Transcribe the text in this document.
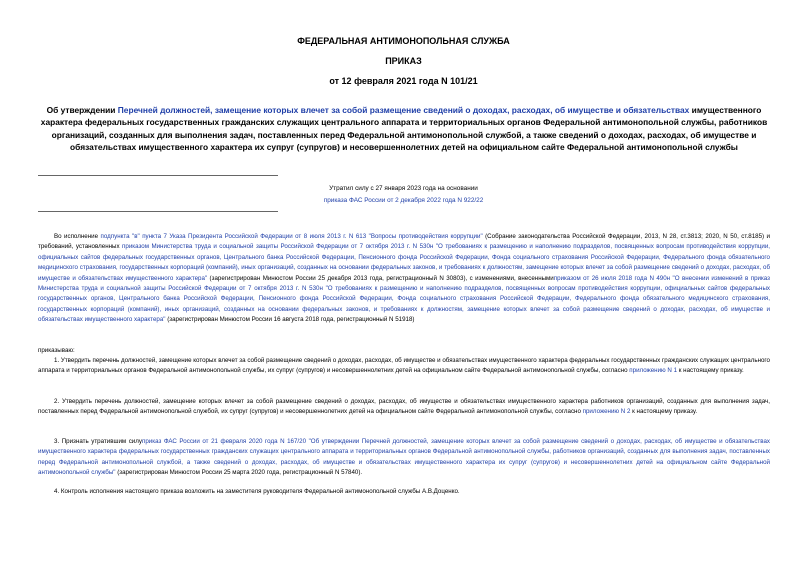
ФЕДЕРАЛЬНАЯ АНТИМОНОПОЛЬНАЯ СЛУЖБА
ПРИКАЗ
от 12 февраля 2021 года N 101/21
Об утверждении Перечней должностей, замещение которых влечет за собой размещение сведений о доходах, расходах, об имуществе и обязательствах имущественного характера федеральных государственных гражданских служащих центрального аппарата и территориальных органов Федеральной антимонопольной службы, работников организаций, созданных для выполнения задач, поставленных перед Федеральной антимонопольной службой, а также сведений о доходах, расходах, об имуществе и обязательствах имущественного характера их супруг (супругов) и несовершеннолетних детей на официальном сайте Федеральной антимонопольной службы
Утратил силу с 27 января 2023 года на основании
приказа ФАС России от 2 декабря 2022 года N 922/22
Во исполнение подпункта "в" пункта 7 Указа Президента Российской Федерации от 8 июля 2013 г. N 613 "Вопросы противодействия коррупции" (Собрание законодательства Российской Федерации, 2013, N 28, ст.3813; 2020, N 50, ст.8185) и требований, установленных приказом Министерства труда и социальной защиты Российской Федерации от 7 октября 2013 г. N 530н "О требованиях к размещению и наполнению подразделов, посвященных вопросам противодействия коррупции, официальных сайтов федеральных государственных органов, Центрального банка Российской Федерации, Пенсионного фонда Российской Федерации, Фонда социального страхования Российской Федерации, Федерального фонда обязательного медицинского страхования, государственных корпораций (компаний), иных организаций, созданных на основании федеральных законов, и требованиях к должностям, замещение которых влечет за собой размещение сведений о доходах, расходах, об имуществе и обязательствах имущественного характера" (зарегистрирован Минюстом России 25 декабря 2013 года, регистрационный N 30803), с изменениями, внесеннымиприказом от 26 июля 2018 года N 490н "О внесении изменений в приказ Министерства труда и социальной защиты Российской Федерации от 7 октября 2013 г. N 530н "О требованиях к размещению и наполнению подразделов, посвященных вопросам противодействия коррупции, официальных сайтов федеральных государственных органов, Центрального банка Российской Федерации, Пенсионного фонда Российской Федерации, Фонда социального страхования Российской Федерации, Федерального фонда обязательного медицинского страхования, государственных корпораций (компаний), иных организаций, созданных на основании федеральных законов, и требованиях к должностям, замещение которых влечет за собой размещение сведений о доходах, расходах, об имуществе и обязательствах имущественного характера" (зарегистрирован Минюстом России 16 августа 2018 года, регистрационный N 51918)
приказываю:
1. Утвердить перечень должностей, замещение которых влечет за собой размещение сведений о доходах, расходах, об имуществе и обязательствах имущественного характера федеральных государственных гражданских служащих центрального аппарата и территориальных органов Федеральной антимонопольной службы, их супруг (супругов) и несовершеннолетних детей на официальном сайте Федеральной антимонопольной службы, согласно приложению N 1 к настоящему приказу.
2. Утвердить перечень должностей, замещение которых влечет за собой размещение сведений о доходах, расходах, об имуществе и обязательствах имущественного характера работников организаций, созданных для выполнения задач, поставленных перед Федеральной антимонопольной службой, их супруг (супругов) и несовершеннолетних детей на официальном сайте Федеральной антимонопольной службы, согласно приложению N 2 к настоящему приказу.
3. Признать утратившим силуприказ ФАС России от 21 февраля 2020 года N 167/20 "Об утверждении Перечней должностей, замещение которых влечет за собой размещение сведений о доходах, расходах, об имуществе и обязательствах имущественного характера федеральных государственных гражданских служащих центрального аппарата и территориальных органов Федеральной антимонопольной службы, работников организаций, созданных для выполнения задач, поставленных перед Федеральной антимонопольной службой, а также сведений о доходах, расходах, об имуществе и обязательствах имущественного характера их супруг (супругов) и несовершеннолетних детей на официальном сайте Федеральной антимонопольной службы" (зарегистрирован Минюстом России 25 марта 2020 года, регистрационный N 57840).
4. Контроль исполнения настоящего приказа возложить на заместителя руководителя Федеральной антимонопольной службы А.В.Доценко.
